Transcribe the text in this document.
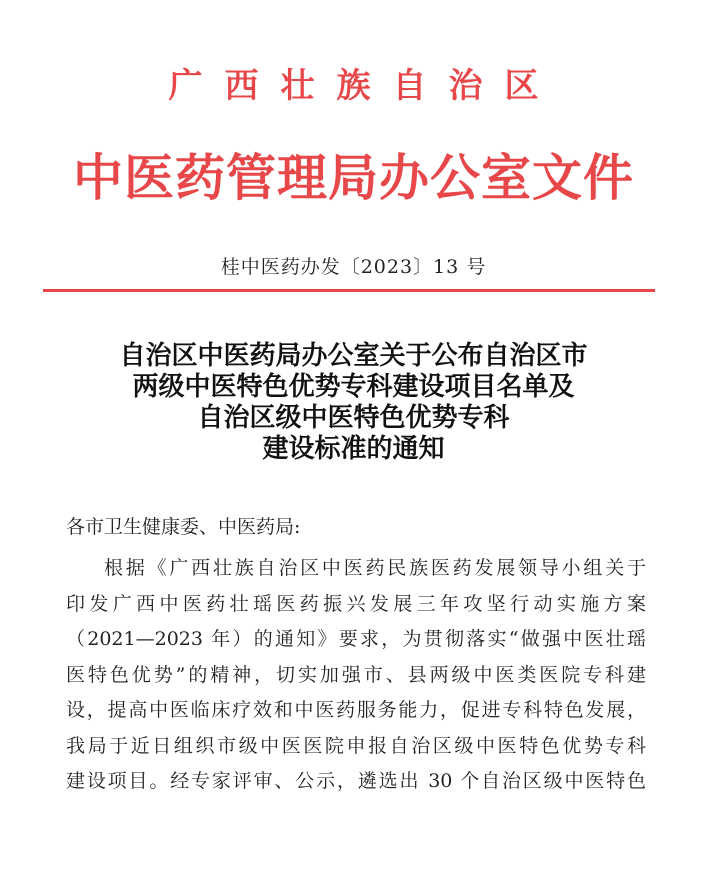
广西壮族自治区
中医药管理局办公室文件
桂中医药办发〔2023〕13 号
自治区中医药局办公室关于公布自治区市
两级中医特色优势专科建设项目名单及
自治区级中医特色优势专科
建设标准的通知
各市卫生健康委、中医药局:
根据《广西壮族自治区中医药民族医药发展领导小组关于
印发广西中医药壮瑶医药振兴发展三年攻坚行动实施方案
（2021—2023 年）的通知》要求，为贯彻落实“做强中医壮瑶
医特色优势”的精神，切实加强市、县两级中医类医院专科建
设，提高中医临床疗效和中医药服务能力，促进专科特色发展，
我局于近日组织市级中医医院申报自治区级中医特色优势专科
建设项目。经专家评审、公示，遴选出 30 个自治区级中医特色
